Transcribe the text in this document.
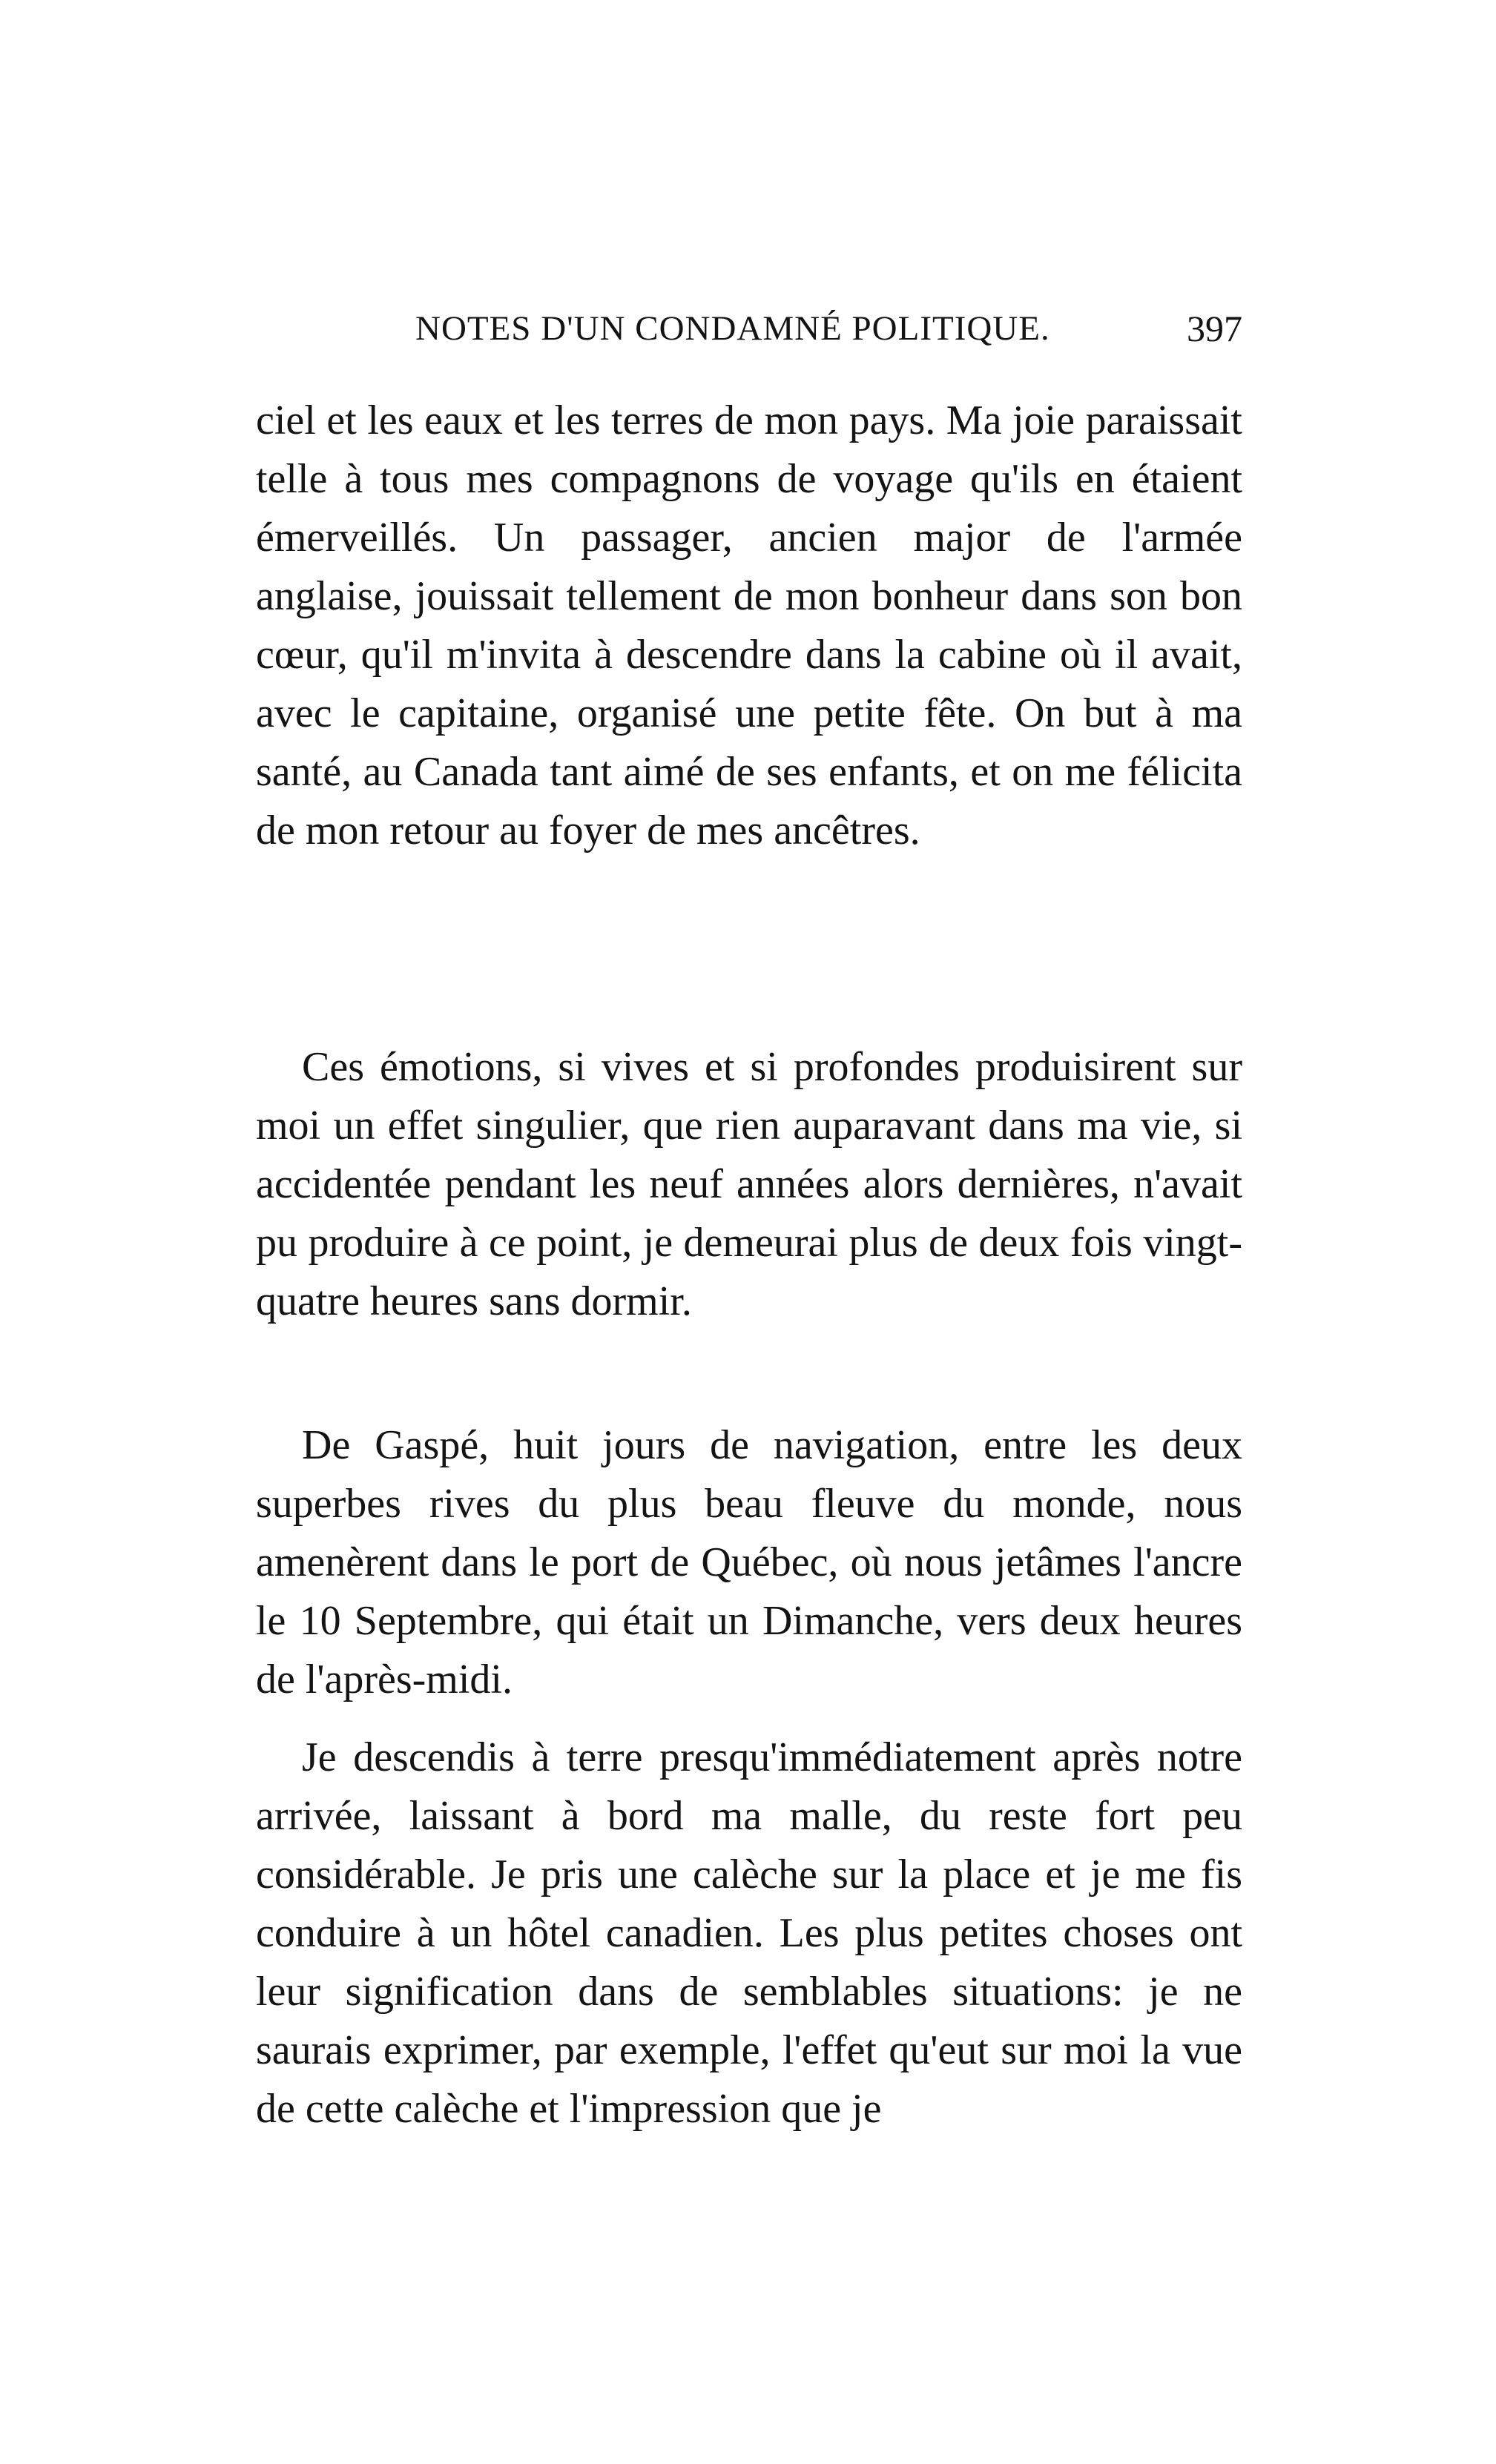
NOTES D'UN CONDAMNÉ POLITIQUE.	397

ciel et les eaux et les terres de mon pays. Ma joie paraissait telle à tous mes compagnons de voyage qu'ils en étaient émerveillés. Un passager, ancien major de l'armée anglaise, jouissait tellement de mon bonheur dans son bon cœur, qu'il m'invita à descendre dans la cabine où il avait, avec le capitaine, organisé une petite fête. On but à ma santé, au Canada tant aimé de ses enfants, et on me félicita de mon retour au foyer de mes ancêtres.

Ces émotions, si vives et si profondes produisirent sur moi un effet singulier, que rien auparavant dans ma vie, si accidentée pendant les neuf années alors dernières, n'avait pu produire à ce point, je demeurai plus de deux fois vingt-quatre heures sans dormir.

De Gaspé, huit jours de navigation, entre les deux superbes rives du plus beau fleuve du monde, nous amenèrent dans le port de Québec, où nous jetâmes l'ancre le 10 Septembre, qui était un Dimanche, vers deux heures de l'après-midi.

Je descendis à terre presqu'immédiatement après notre arrivée, laissant à bord ma malle, du reste fort peu considérable. Je pris une calèche sur la place et je me fis conduire à un hôtel canadien. Les plus petites choses ont leur signification dans de semblables situations: je ne saurais exprimer, par exemple, l'effet qu'eut sur moi la vue de cette calèche et l'impression que je
